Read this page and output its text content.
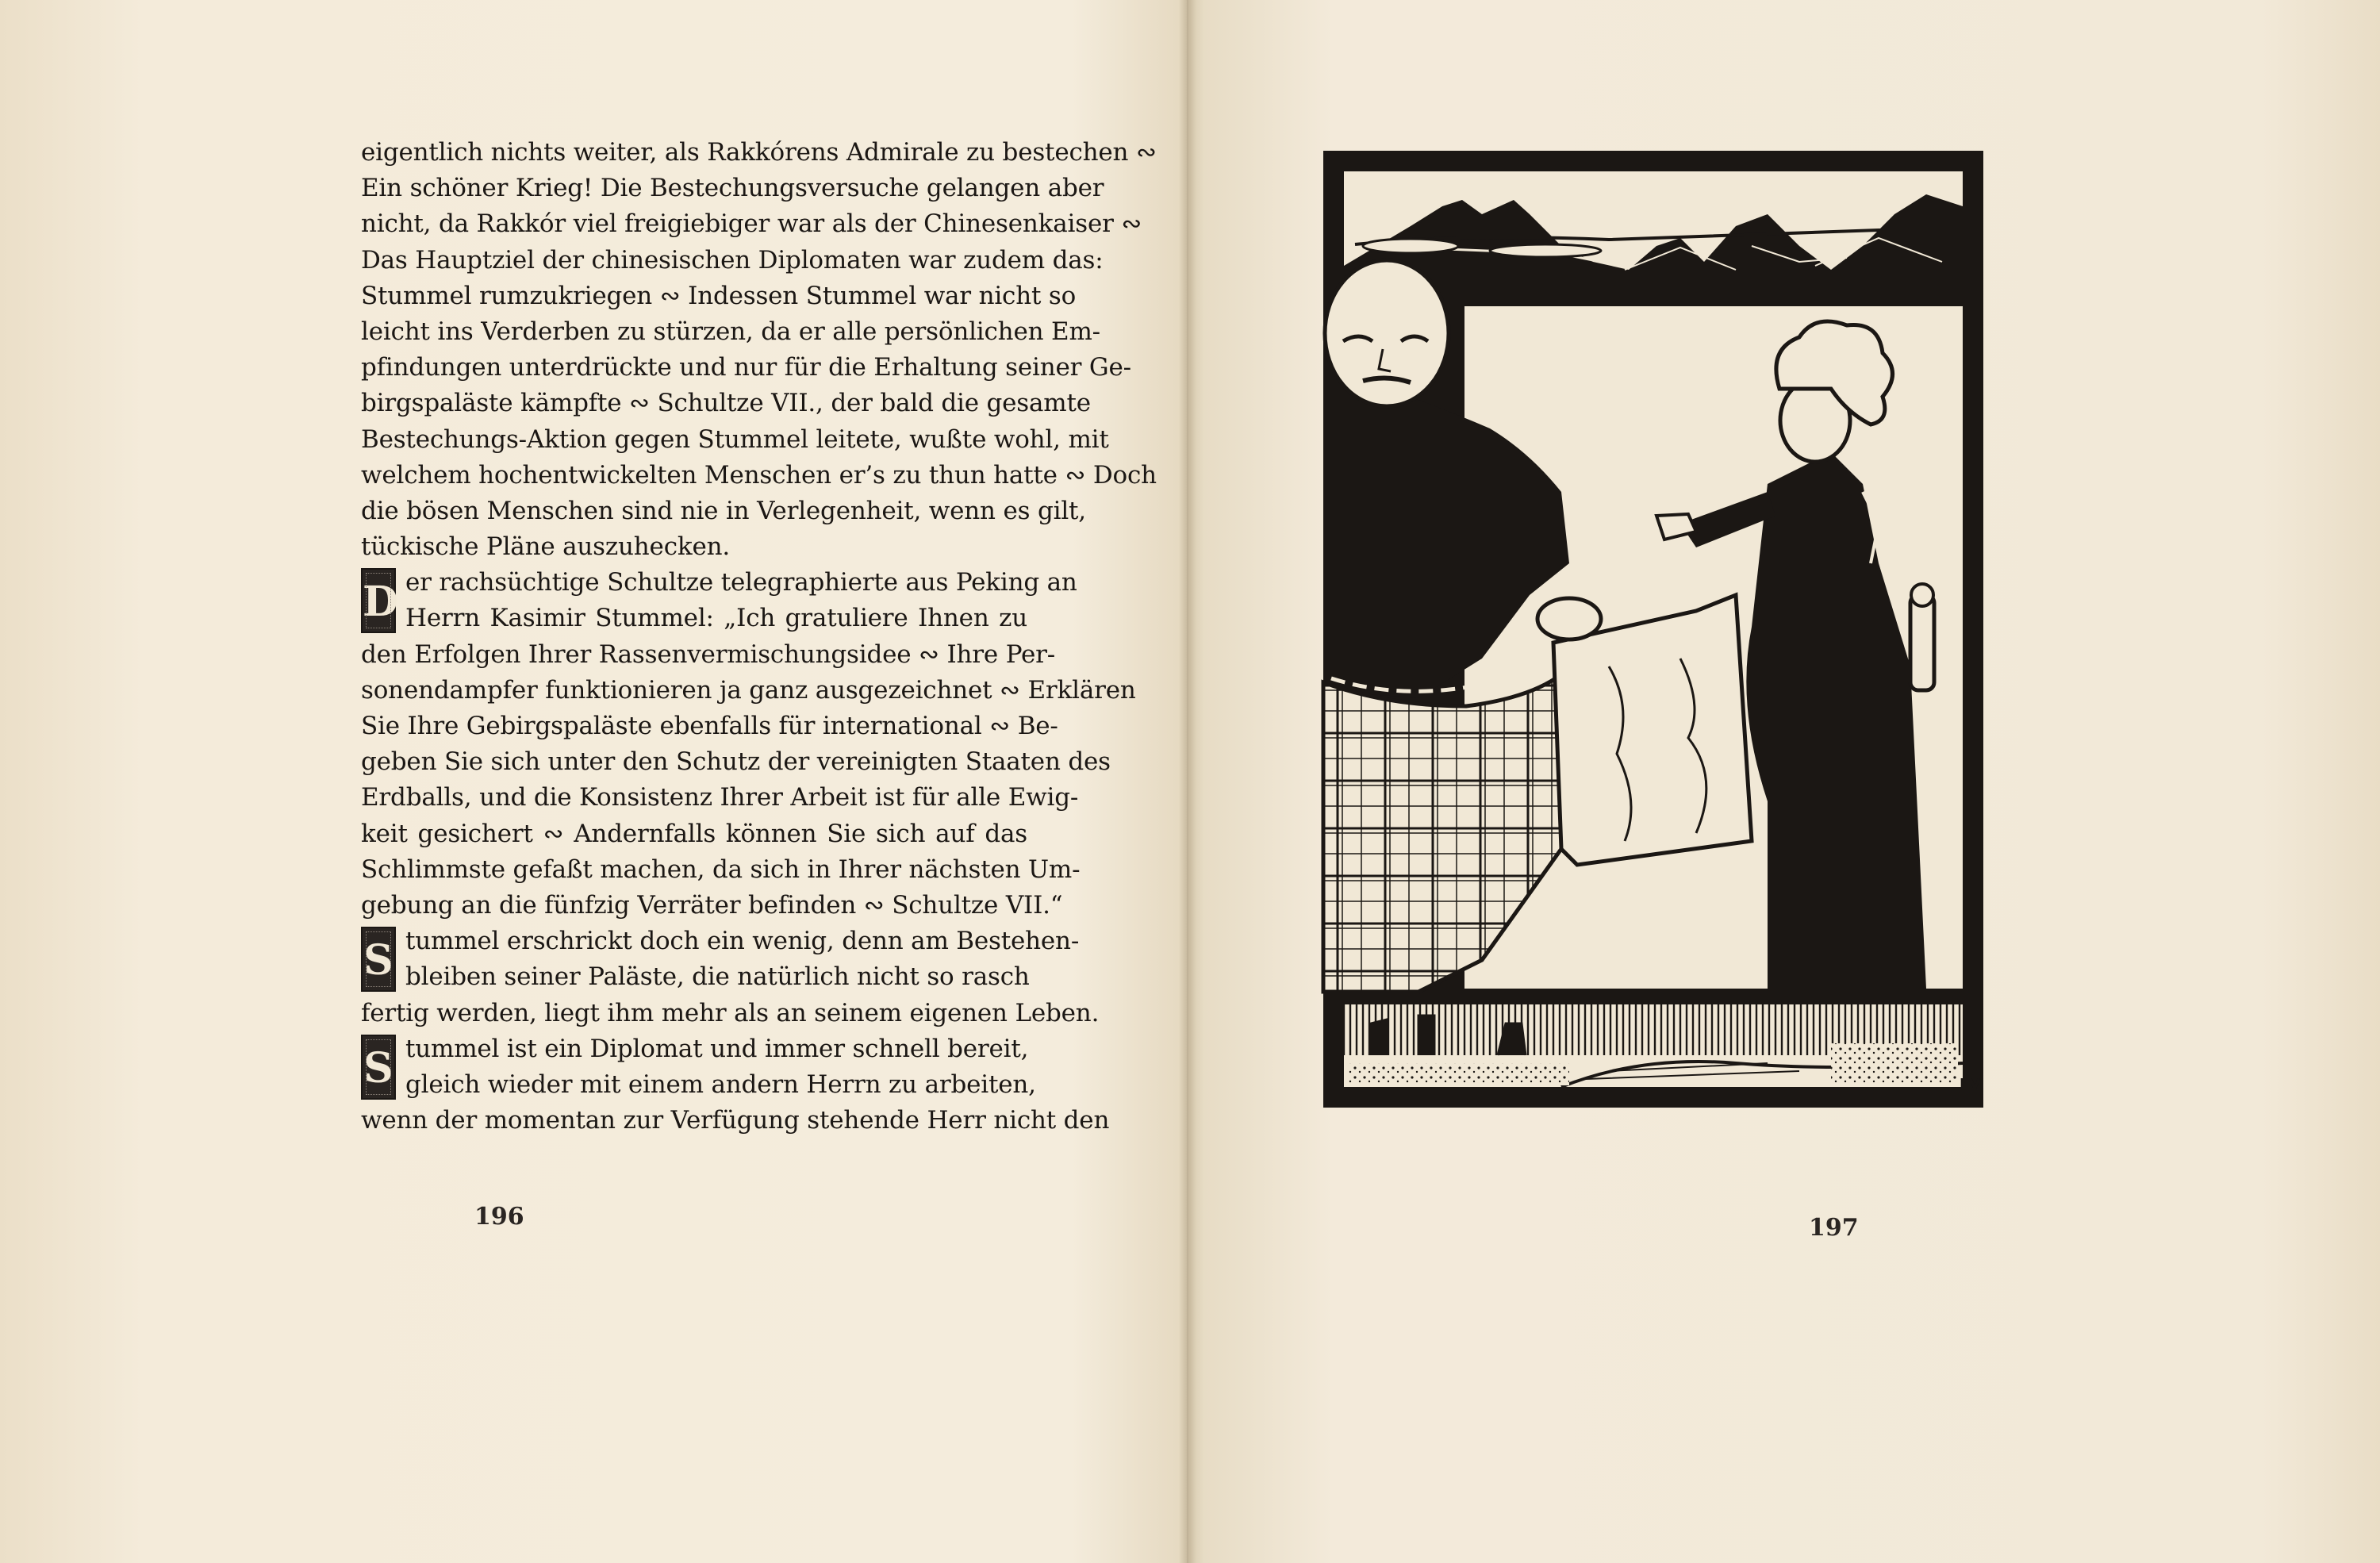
eigentlich nichts weiter, als Rakkórens Admirale zu bestechen ∾
Ein schöner Krieg! Die Bestechungsversuche gelangen aber
nicht, da Rakkór viel freigiebiger war als der Chinesenkaiser ∾
Das Hauptziel der chinesischen Diplomaten war zudem das:
Stummel rumzukriegen ∾ Indessen Stummel war nicht so
leicht ins Verderben zu stürzen, da er alle persönlichen Em-
pfindungen unterdrückte und nur für die Erhaltung seiner Ge-
birgspaläste kämpfte ∾ Schultze VII., der bald die gesamte
Bestechungs-Aktion gegen Stummel leitete, wußte wohl, mit
welchem hochentwickelten Menschen er’s zu thun hatte ∾ Doch
die bösen Menschen sind nie in Verlegenheit, wenn es gilt,
tückische Pläne auszuhecken.
D er rachsüchtige Schultze telegraphierte aus Peking an
Herrn Kasimir Stummel: „Ich gratuliere Ihnen zu
den Erfolgen Ihrer Rassenvermischungsidee ∾ Ihre Per-
sonendampfer funktionieren ja ganz ausgezeichnet ∾ Erklären
Sie Ihre Gebirgspaläste ebenfalls für international ∾ Be-
geben Sie sich unter den Schutz der vereinigten Staaten des
Erdballs, und die Konsistenz Ihrer Arbeit ist für alle Ewig-
keit gesichert ∾ Andernfalls können Sie sich auf das
Schlimmste gefaßt machen, da sich in Ihrer nächsten Um-
gebung an die fünfzig Verräter befinden ∾ Schultze VII.“
S tummel erschrickt doch ein wenig, denn am Bestehen-
bleiben seiner Paläste, die natürlich nicht so rasch
fertig werden, liegt ihm mehr als an seinem eigenen Leben.
S tummel ist ein Diplomat und immer schnell bereit,
gleich wieder mit einem andern Herrn zu arbeiten,
wenn der momentan zur Verfügung stehende Herr nicht den
196
FV
197
